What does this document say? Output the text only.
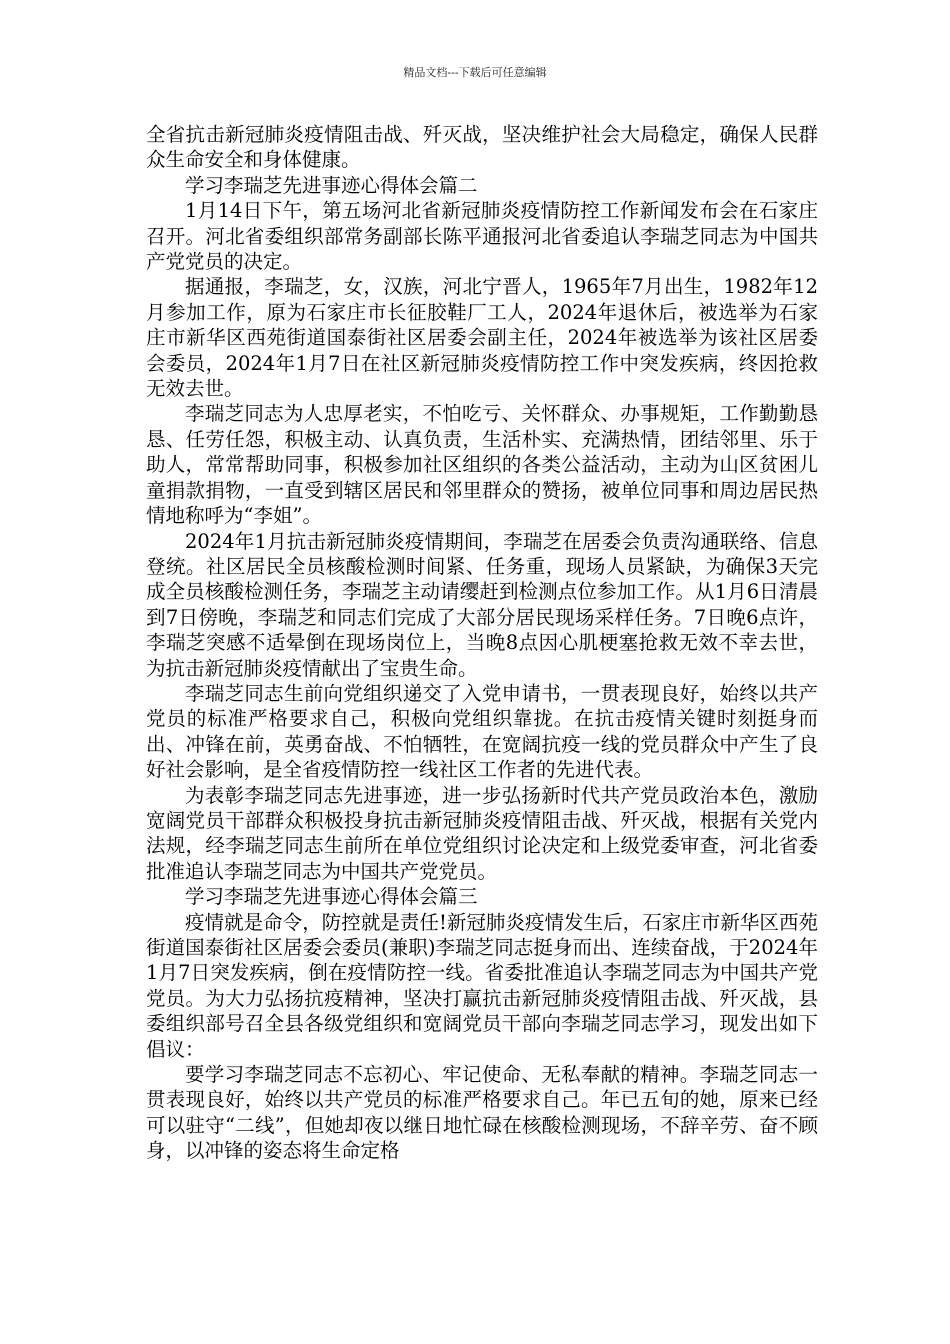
精品文档---下载后可任意编辑

全省抗击新冠肺炎疫情阻击战、歼灭战，坚决维护社会大局稳定，确保人民群众生命安全和身体健康。

学习李瑞芝先进事迹心得体会篇二

1月14日下午，第五场河北省新冠肺炎疫情防控工作新闻发布会在石家庄召开。河北省委组织部常务副部长陈平通报河北省委追认李瑞芝同志为中国共产党党员的决定。

据通报，李瑞芝，女，汉族，河北宁晋人，1965年7月出生，1982年12月参加工作，原为石家庄市长征胶鞋厂工人，2024年退休后，被选举为石家庄市新华区西苑街道国泰街社区居委会副主任，2024年被选举为该社区居委会委员，2024年1月7日在社区新冠肺炎疫情防控工作中突发疾病，终因抢救无效去世。

李瑞芝同志为人忠厚老实，不怕吃亏、关怀群众、办事规矩，工作勤勤恳恳、任劳任怨，积极主动、认真负责，生活朴实、充满热情，团结邻里、乐于助人，常常帮助同事，积极参加社区组织的各类公益活动，主动为山区贫困儿童捐款捐物，一直受到辖区居民和邻里群众的赞扬，被单位同事和周边居民热情地称呼为“李姐”。

2024年1月抗击新冠肺炎疫情期间，李瑞芝在居委会负责沟通联络、信息登统。社区居民全员核酸检测时间紧、任务重，现场人员紧缺，为确保3天完成全员核酸检测任务，李瑞芝主动请缨赶到检测点位参加工作。从1月6日清晨到7日傍晚，李瑞芝和同志们完成了大部分居民现场采样任务。7日晚6点许，李瑞芝突感不适晕倒在现场岗位上，当晚8点因心肌梗塞抢救无效不幸去世，为抗击新冠肺炎疫情献出了宝贵生命。

李瑞芝同志生前向党组织递交了入党申请书，一贯表现良好，始终以共产党员的标准严格要求自己，积极向党组织靠拢。在抗击疫情关键时刻挺身而出、冲锋在前，英勇奋战、不怕牺牲，在宽阔抗疫一线的党员群众中产生了良好社会影响，是全省疫情防控一线社区工作者的先进代表。

为表彰李瑞芝同志先进事迹，进一步弘扬新时代共产党员政治本色，激励宽阔党员干部群众积极投身抗击新冠肺炎疫情阻击战、歼灭战，根据有关党内法规，经李瑞芝同志生前所在单位党组织讨论决定和上级党委审查，河北省委批准追认李瑞芝同志为中国共产党党员。

学习李瑞芝先进事迹心得体会篇三

疫情就是命令，防控就是责任!新冠肺炎疫情发生后，石家庄市新华区西苑街道国泰街社区居委会委员(兼职)李瑞芝同志挺身而出、连续奋战，于2024年1月7日突发疾病，倒在疫情防控一线。省委批准追认李瑞芝同志为中国共产党党员。为大力弘扬抗疫精神，坚决打赢抗击新冠肺炎疫情阻击战、歼灭战，县委组织部号召全县各级党组织和宽阔党员干部向李瑞芝同志学习，现发出如下倡议：

要学习李瑞芝同志不忘初心、牢记使命、无私奉献的精神。李瑞芝同志一贯表现良好，始终以共产党员的标准严格要求自己。年已五旬的她，原来已经可以驻守“二线”，但她却夜以继日地忙碌在核酸检测现场，不辞辛劳、奋不顾身，以冲锋的姿态将生命定格
